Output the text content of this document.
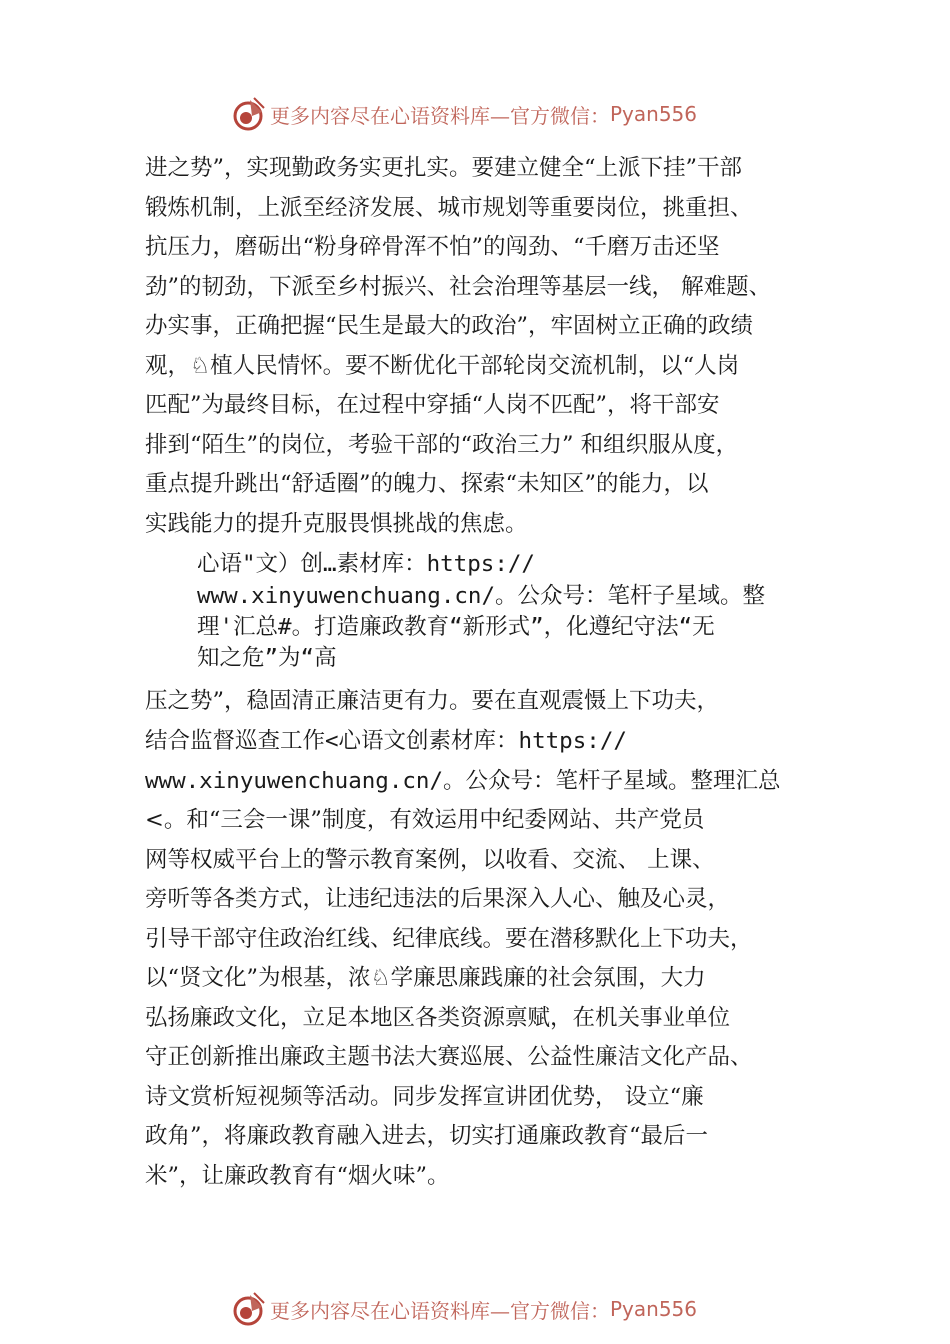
更多内容尽在心语资料库—官方微信： Pyan556
进之势”，实现勤政务实更扎实。要建立健全“上派下挂”干部
锻炼机制，上派至经济发展、城市规划等重要岗位，挑重担、
抗压力，磨砺出“粉身碎骨浑不怕”的闯劲、“千磨万击还坚
劲”的韧劲，下派至乡村振兴、社会治理等基层一线， 解难题、
办实事，正确把握“民生是最大的政治”，牢固树立正确的政绩
观，♘植人民情怀。要不断优化干部轮岗交流机制，以“人岗
匹配”为最终目标，在过程中穿插“人岗不匹配”，将干部安
排到“陌生”的岗位，考验干部的“政治三力” 和组织服从度，
重点提升跳出“舒适圈”的魄力、探索“未知区”的能力，以
实践能力的提升克服畏惧挑战的焦虑。
心语"文）创…素材库：https://
www.xinyuwenchuang.cn/。公众号：笔杆子星域。整
理'汇总#。打造廉政教育“新形式”，化遵纪守法“无
知之危”为“高
压之势”，稳固清正廉洁更有力。要在直观震慑上下功夫，
结合监督巡查工作<心语文创素材库：https://
www.xinyuwenchuang.cn/。公众号：笔杆子星域。整理汇总
<。和“三会一课”制度，有效运用中纪委网站、共产党员
网等权威平台上的警示教育案例，以收看、交流、 上课、
旁听等各类方式，让违纪违法的后果深入人心、触及心灵，
引导干部守住政治红线、纪律底线。要在潜移默化上下功夫，
以“贤文化”为根基，浓♘学廉思廉践廉的社会氛围，大力
弘扬廉政文化，立足本地区各类资源禀赋，在机关事业单位
守正创新推出廉政主题书法大赛巡展、公益性廉洁文化产品、
诗文赏析短视频等活动。同步发挥宣讲团优势， 设立“廉
政角”，将廉政教育融入进去，切实打通廉政教育“最后一
米”，让廉政教育有“烟火味”。
更多内容尽在心语资料库—官方微信： Pyan556
